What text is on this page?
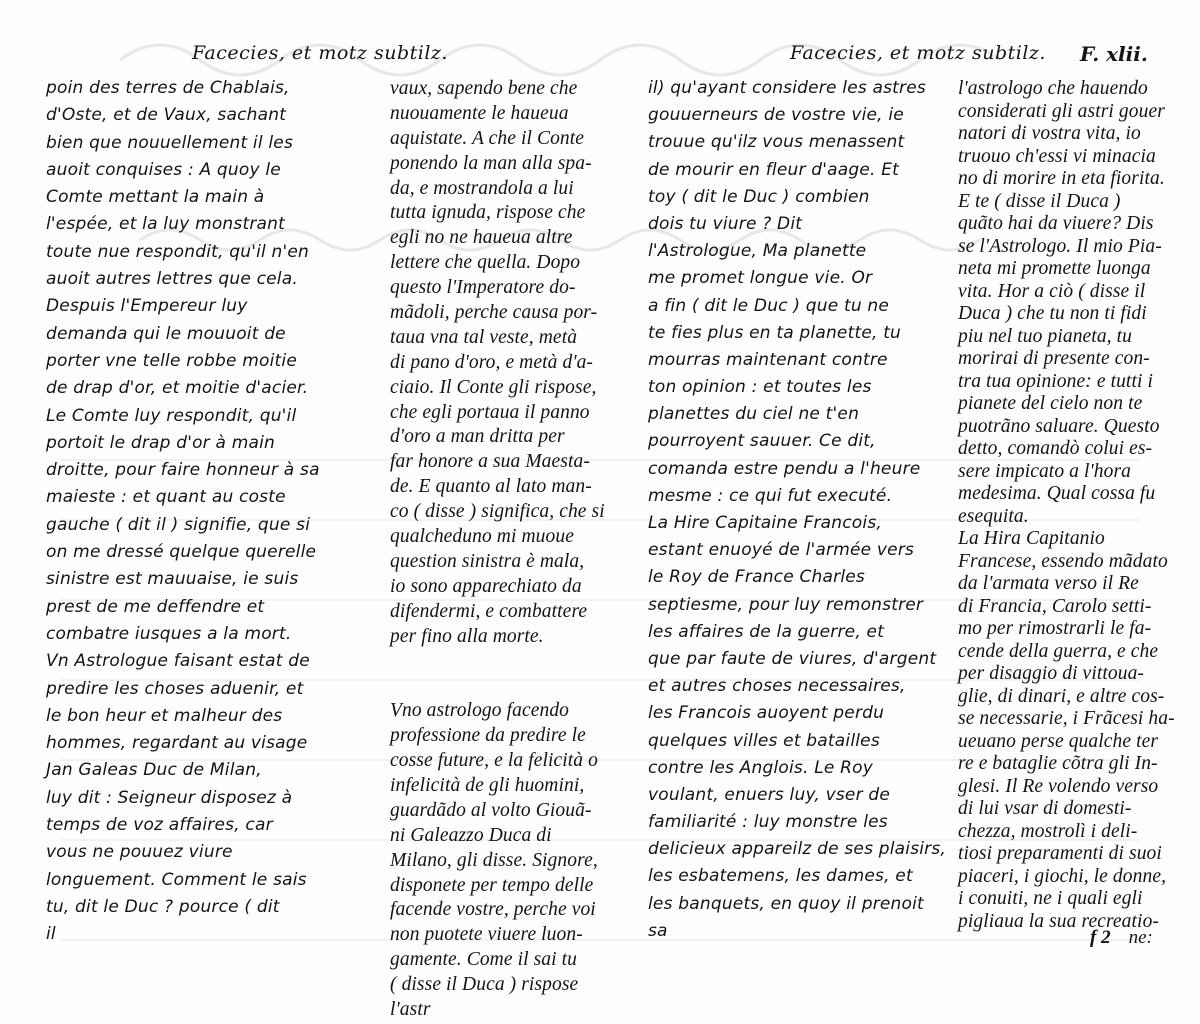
Facecies, et motz subtilz.
poin des terres de Chablais,
d'Oste, et de Vaux, sachant
bien que nouuellement il les
auoit conquises : A quoy le
Comte mettant la main à
l'espée, et la luy monstrant
toute nue respondit, qu'il n'en
auoit autres lettres que cela.
Despuis l'Empereur luy
demanda qui le mouuoit de
porter vne telle robbe moitie
de drap d'or, et moitie d'acier.
Le Comte luy respondit, qu'il
portoit le drap d'or à main
droitte, pour faire honneur à sa
maieste : et quant au coste
gauche ( dit il ) signifie, que si
on me dressé quelque querelle
sinistre est mauuaise, ie suis
prest de me deffendre et
combatre iusques a la mort.
Vn Astrologue faisant estat de
predire les choses aduenir, et
le bon heur et malheur des
hommes, regardant au visage
Jan Galeas Duc de Milan,
luy dit : Seigneur disposez à
temps de voz affaires, car
vous ne pouuez viure
longuement. Comment le sais
tu, dit le Duc ? pource ( dit
il
vaux, sapendo bene che
nuouamente le haueua
aquistate. A che il Conte
ponendo la man alla spa-
da, e mostrandola a lui
tutta ignuda, rispose che
egli no ne haueua altre
lettere che quella. Dopo
questo l'Imperatore do-
mãdoli, perche causa por-
taua vna tal veste, metà
di pano d'oro, e metà d'a-
ciaio. Il Conte gli rispose,
che egli portaua il panno
d'oro a man dritta per
far honore a sua Maesta-
de. E quanto al lato man-
co ( disse ) significa, che si
qualcheduno mi muoue
question sinistra è mala,
io sono apparechiato da
difendermi, e combattere
per fino alla morte.
Vno astrologo facendo
professione da predire le
cosse future, e la felicità o
infelicità de gli huomini,
guardãdo al volto Giouã-
ni Galeazzo Duca di
Milano, gli disse. Signore,
disponete per tempo delle
facende vostre, perche voi
non puotete viuere luon-
gamente. Come il sai tu
( disse il Duca ) rispose
l'astr
Facecies, et motz subtilz. F. xlii.
il) qu'ayant considere les astres
gouuerneurs de vostre vie, ie
trouue qu'ilz vous menassent
de mourir en fleur d'aage. Et
toy ( dit le Duc ) combien
dois tu viure ? Dit
l'Astrologue, Ma planette
me promet longue vie. Or
a fin ( dit le Duc ) que tu ne
te fies plus en ta planette, tu
mourras maintenant contre
ton opinion : et toutes les
planettes du ciel ne t'en
pourroyent sauuer. Ce dit,
comanda estre pendu a l'heure
mesme : ce qui fut executé.
La Hire Capitaine Francois,
estant enuoyé de l'armée vers
le Roy de France Charles
septiesme, pour luy remonstrer
les affaires de la guerre, et
que par faute de viures, d'argent
et autres choses necessaires,
les Francois auoyent perdu
quelques villes et batailles
contre les Anglois. Le Roy
voulant, enuers luy, vser de
familiarité : luy monstre les
delicieux appareilz de ses plaisirs,
les esbatemens, les dames, et
les banquets, en quoy il prenoit
sa
l'astrologo che hauendo
considerati gli astri gouer
natori di vostra vita, io
truouo ch'essi vi minacia
no di morire in eta fiorita.
E te ( disse il Duca )
quãto hai da viuere? Dis
se l'Astrologo. Il mio Pia-
neta mi promette luonga
vita. Hor a ciò ( disse il
Duca ) che tu non ti fidi
piu nel tuo pianeta, tu
morirai di presente con-
tra tua opinione: e tutti i
pianete del cielo non te
puotrãno saluare. Questo
detto, comandò colui es-
sere impicato a l'hora
medesima. Qual cossa fu
esequita.
La Hira Capitanio
Francese, essendo mãdato
da l'armata verso il Re
di Francia, Carolo setti-
mo per rimostrarli le fa-
cende della guerra, e che
per disaggio di vittoua-
glie, di dinari, e altre cos-
se necessarie, i Frãcesi ha-
ueuano perse qualche ter
re e bataglie cõtra gli In-
glesi. Il Re volendo verso
di lui vsar di domesti-
chezza, mostrolì i deli-
tiosi preparamenti di suoi
piaceri, i giochi, le donne,
i conuiti, ne i quali egli
pigliaua la sua recreatio-
f 2 ne:
